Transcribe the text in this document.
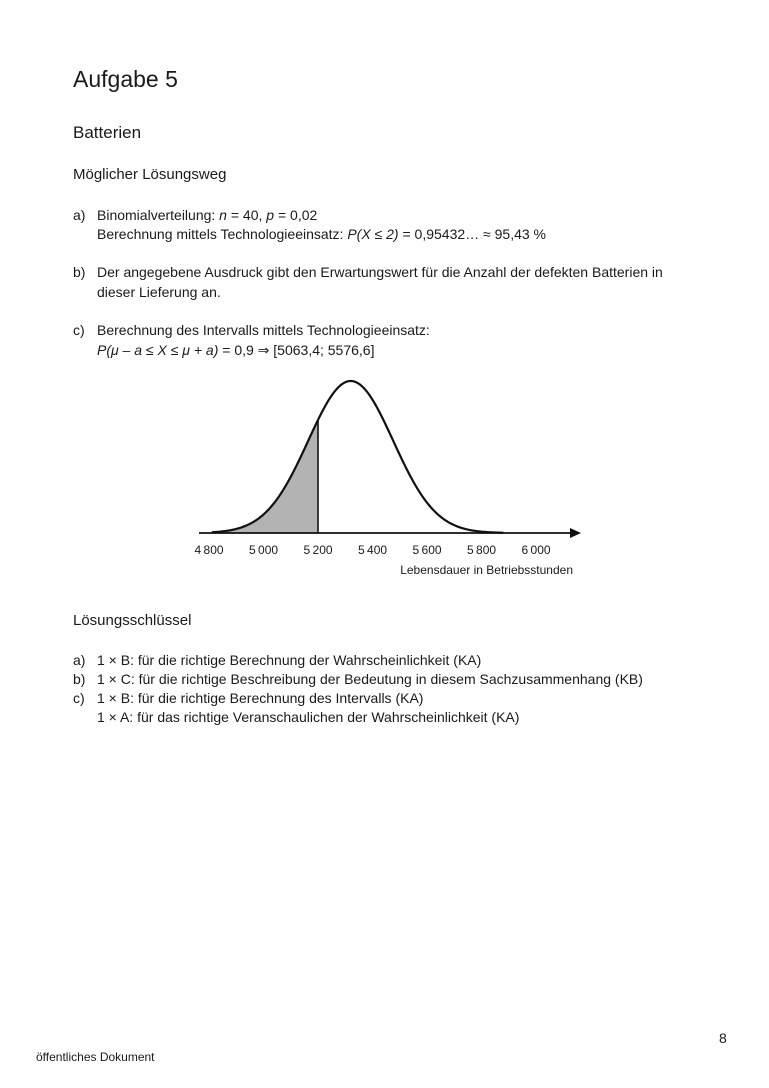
Aufgabe 5
Batterien
Möglicher Lösungsweg
a) Binomialverteilung: n = 40, p = 0,02
Berechnung mittels Technologieeinsatz: P(X ≤ 2) = 0,95432… ≈ 95,43 %
b) Der angegebene Ausdruck gibt den Erwartungswert für die Anzahl der defekten Batterien in
dieser Lieferung an.
c) Berechnung des Intervalls mittels Technologieeinsatz:
P(μ – a ≤ X ≤ μ + a) = 0,9 ⇒ [5063,4; 5576,6]
4 800 5 000 5 200 5 400 5 600 5 800 6 000
Lebensdauer in Betriebsstunden
Lösungsschlüssel
a) 1 × B: für die richtige Berechnung der Wahrscheinlichkeit (KA)
b) 1 × C: für die richtige Beschreibung der Bedeutung in diesem Sachzusammenhang (KB)
c) 1 × B: für die richtige Berechnung des Intervalls (KA)
1 × A: für das richtige Veranschaulichen der Wahrscheinlichkeit (KA)
8
öffentliches Dokument
